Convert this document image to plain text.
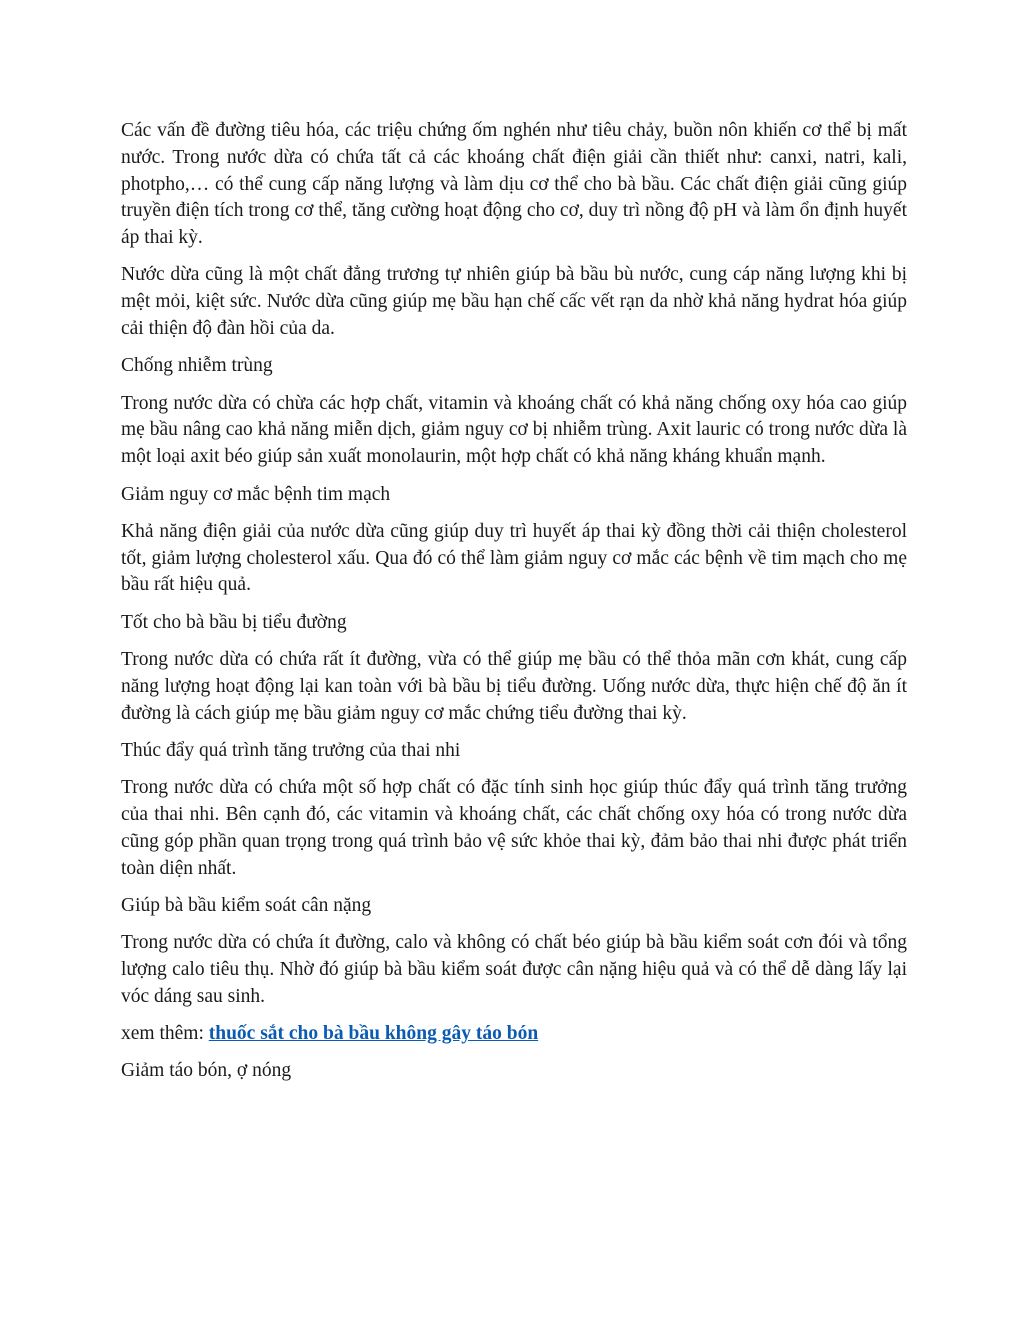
Các vấn đề đường tiêu hóa, các triệu chứng ốm nghén như tiêu chảy, buồn nôn khiến cơ thể bị mất nước. Trong nước dừa có chứa tất cả các khoáng chất điện giải cần thiết như: canxi, natri, kali, photpho,… có thể cung cấp năng lượng và làm dịu cơ thể cho bà bầu. Các chất điện giải cũng giúp truyền điện tích trong cơ thể, tăng cường hoạt động cho cơ, duy trì nồng độ pH và làm ổn định huyết áp thai kỳ.

Nước dừa cũng là một chất đẳng trương tự nhiên giúp bà bầu bù nước, cung cáp năng lượng khi bị mệt mỏi, kiệt sức. Nước dừa cũng giúp mẹ bầu hạn chế cấc vết rạn da nhờ khả năng hydrat hóa giúp cải thiện độ đàn hồi của da.

Chống nhiễm trùng

Trong nước dừa có chừa các hợp chất, vitamin và khoáng chất có khả năng chống oxy hóa cao giúp mẹ bầu nâng cao khả năng miễn dịch, giảm nguy cơ bị nhiễm trùng. Axit lauric có trong nước dừa là một loại axit béo giúp sản xuất monolaurin, một hợp chất có khả năng kháng khuẩn mạnh.

Giảm nguy cơ mắc bệnh tim mạch

Khả năng điện giải của nước dừa cũng giúp duy trì huyết áp thai kỳ đồng thời cải thiện cholesterol tốt, giảm lượng cholesterol xấu. Qua đó có thể làm giảm nguy cơ mắc các bệnh về tim mạch cho mẹ bầu rất hiệu quả.

Tốt cho bà bầu bị tiểu đường

Trong nước dừa có chứa rất ít đường, vừa có thể giúp mẹ bầu có thể thỏa mãn cơn khát, cung cấp năng lượng hoạt động lại kan toàn với bà bầu bị tiểu đường. Uống nước dừa, thực hiện chế độ ăn ít đường là cách giúp mẹ bầu giảm nguy cơ mắc chứng tiểu đường thai kỳ.

Thúc đẩy quá trình tăng trưởng của thai nhi

Trong nước dừa có chứa một số hợp chất có đặc tính sinh học giúp thúc đẩy quá trình tăng trưởng của thai nhi. Bên cạnh đó, các vitamin và khoáng chất, các chất chống oxy hóa có trong nước dừa cũng góp phần quan trọng trong quá trình bảo vệ sức khỏe thai kỳ, đảm bảo thai nhi được phát triển toàn diện nhất.

Giúp bà bầu kiểm soát cân nặng

Trong nước dừa có chứa ít đường, calo và không có chất béo giúp bà bầu kiểm soát cơn đói và tổng lượng calo tiêu thụ. Nhờ đó giúp bà bầu kiểm soát được cân nặng hiệu quả và có thể dễ dàng lấy lại vóc dáng sau sinh.

xem thêm: thuốc sắt cho bà bầu không gây táo bón

Giảm táo bón, ợ nóng
